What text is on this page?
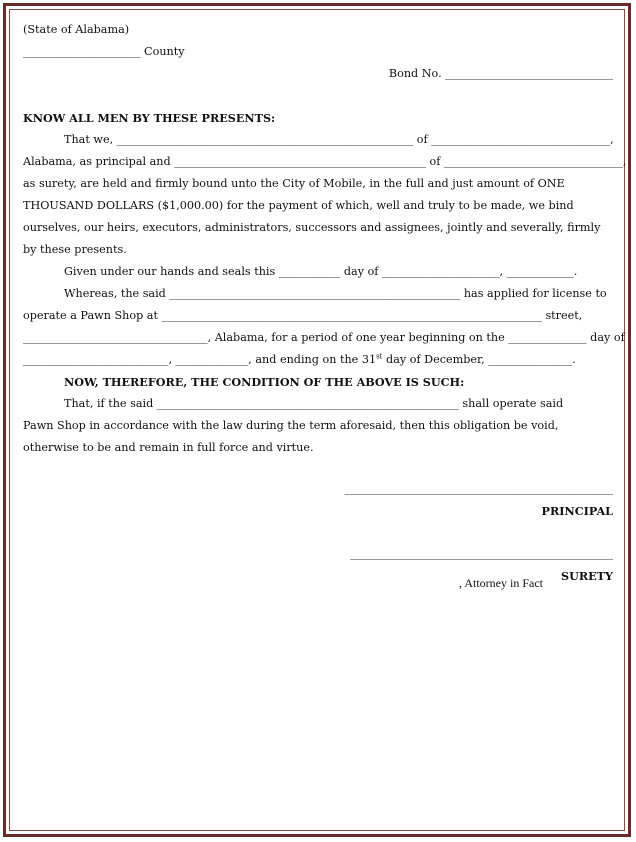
(State of Alabama)
_____________________ County
Bond No. ______________________________
KNOW ALL MEN BY THESE PRESENTS:
That we, _____________________________________________________ of ________________________________,
Alabama, as principal and _____________________________________________ of ________________________________,
as surety, are held and firmly bound unto the City of Mobile, in the full and just amount of ONE
THOUSAND DOLLARS ($1,000.00) for the payment of which, well and truly to be made, we bind
ourselves, our heirs, executors, administrators, successors and assignees, jointly and severally, firmly
by these presents.
Given under our hands and seals this ___________ day of _____________________, ____________.
Whereas, the said ____________________________________________________ has applied for license to
operate a Pawn Shop at ____________________________________________________________________ street,
_________________________________, Alabama, for a period of one year beginning on the ______________ day of
__________________________, _____________, and ending on the 31st day of December, _______________.
NOW, THEREFORE, THE CONDITION OF THE ABOVE IS SUCH:
That, if the said ______________________________________________________ shall operate said
Pawn Shop in accordance with the law during the term aforesaid, then this obligation be void,
otherwise to be and remain in full force and virtue.
________________________________________________
PRINCIPAL
_______________________________________________
SURETY
, Attorney in Fact
